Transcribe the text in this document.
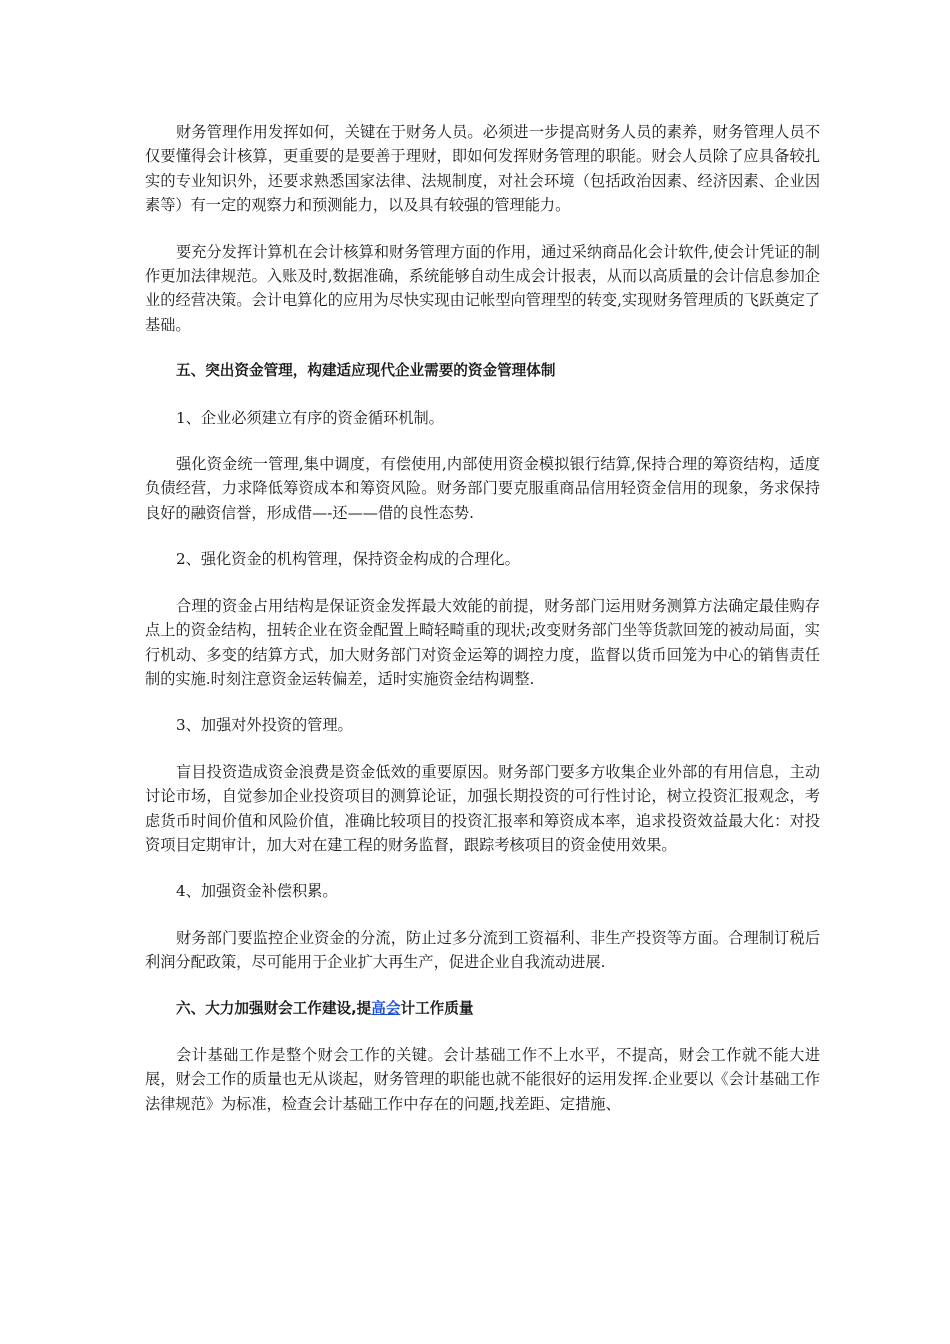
财务管理作用发挥如何，关键在于财务人员。必须进一步提高财务人员的素养，财务管理人员不仅要懂得会计核算，更重要的是要善于理财，即如何发挥财务管理的职能。财会人员除了应具备较扎实的专业知识外，还要求熟悉国家法律、法规制度，对社会环境（包括政治因素、经济因素、企业因素等）有一定的观察力和预测能力，以及具有较强的管理能力。

要充分发挥计算机在会计核算和财务管理方面的作用，通过采纳商品化会计软件,使会计凭证的制作更加法律规范。入账及时,数据准确，系统能够自动生成会计报表，从而以高质量的会计信息参加企业的经营决策。会计电算化的应用为尽快实现由记帐型向管理型的转变,实现财务管理质的飞跃奠定了基础。

五、突出资金管理，构建适应现代企业需要的资金管理体制

1、企业必须建立有序的资金循环机制。

强化资金统一管理,集中调度，有偿使用,内部使用资金模拟银行结算,保持合理的筹资结构，适度负债经营，力求降低筹资成本和筹资风险。财务部门要克服重商品信用轻资金信用的现象，务求保持良好的融资信誉，形成借—-还——借的良性态势.

2、强化资金的机构管理，保持资金构成的合理化。

合理的资金占用结构是保证资金发挥最大效能的前提，财务部门运用财务测算方法确定最佳购存点上的资金结构，扭转企业在资金配置上畸轻畸重的现状;改变财务部门坐等货款回笼的被动局面，实行机动、多变的结算方式，加大财务部门对资金运筹的调控力度，监督以货币回笼为中心的销售责任制的实施.时刻注意资金运转偏差，适时实施资金结构调整.

3、加强对外投资的管理。

盲目投资造成资金浪费是资金低效的重要原因。财务部门要多方收集企业外部的有用信息，主动讨论市场，自觉参加企业投资项目的测算论证，加强长期投资的可行性讨论，树立投资汇报观念，考虑货币时间价值和风险价值，准确比较项目的投资汇报率和筹资成本率，追求投资效益最大化：对投资项目定期审计，加大对在建工程的财务监督，跟踪考核项目的资金使用效果。

4、加强资金补偿积累。

财务部门要监控企业资金的分流，防止过多分流到工资福利、非生产投资等方面。合理制订税后利润分配政策，尽可能用于企业扩大再生产，促进企业自我流动进展.

六、大力加强财会工作建设,提高会计工作质量

会计基础工作是整个财会工作的关键。会计基础工作不上水平，不提高，财会工作就不能大进展，财会工作的质量也无从谈起，财务管理的职能也就不能很好的运用发挥.企业要以《会计基础工作法律规范》为标准，检查会计基础工作中存在的问题,找差距、定措施、
